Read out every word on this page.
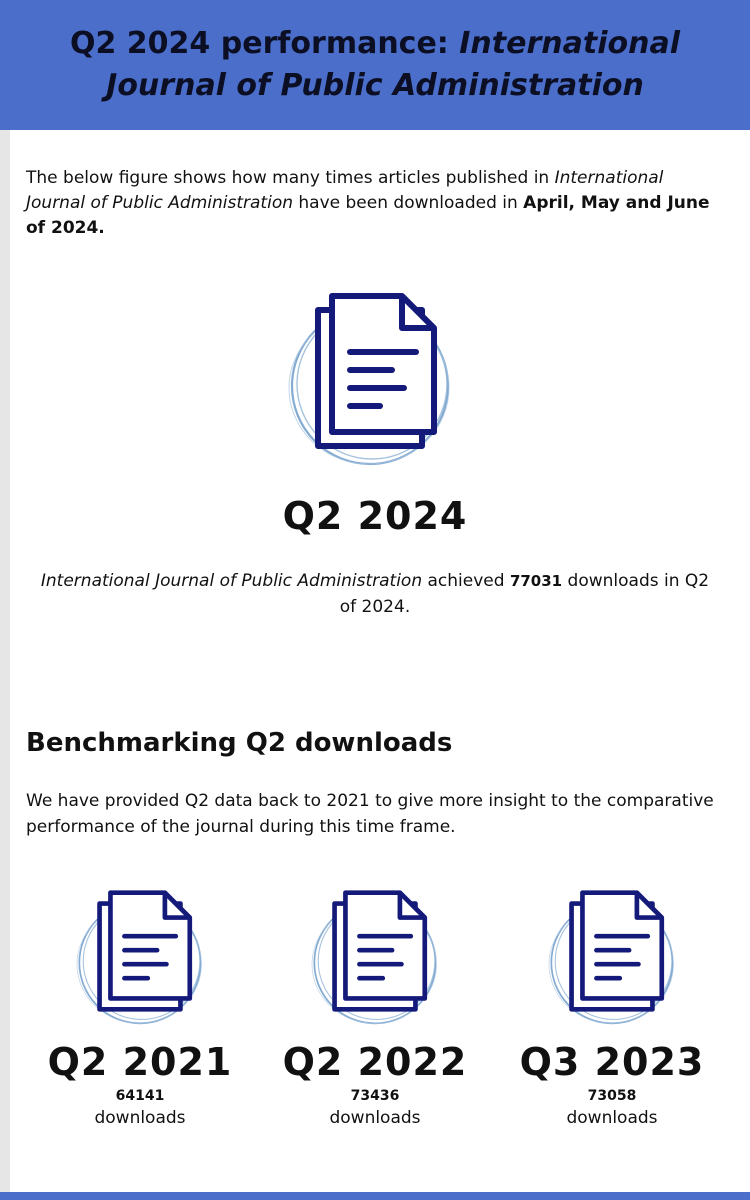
Q2 2024 performance: International Journal of Public Administration

The below figure shows how many times articles published in International Journal of Public Administration have been downloaded in April, May and June of 2024.

Q2 2024

International Journal of Public Administration achieved 77031 downloads in Q2 of 2024.

Benchmarking Q2 downloads

We have provided Q2 data back to 2021 to give more insight to the comparative performance of the journal during this time frame.

Q2 2021
64141
downloads
Q2 2022
73436
downloads
Q3 2023
73058
downloads
